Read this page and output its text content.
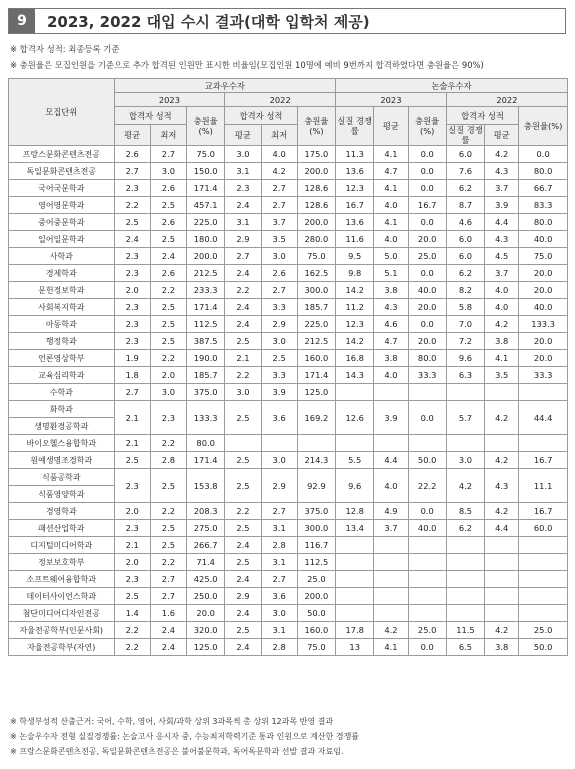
9	2023, 2022 대입 수시 결과(대학 입학처 제공)
※ 합격자 성적: 최종등록 기준
※ 충원율은 모집인원을 기준으로 추가 합격된 인원만 표시한 비율임(모집인원 10명에 예비 9번까지 합격하였다면 충원율은 90%)
모집단위	교과우수자						논술우수자					
	2023			2022			2023			2022		
	합격자 성적		충원율(%)	합격자 성적		충원율(%)	실질 경쟁률	평균	충원율(%)	합격자 성적		충원율(%)
	평균	최저		평균	최저					실질 경쟁률	평균	
프랑스문화콘텐츠전공	2.6	2.7	75.0	3.0	4.0	175.0	11.3	4.1	0.0	6.0	4.2	0.0
독일문화콘텐츠전공	2.7	3.0	150.0	3.1	4.2	200.0	13.6	4.7	0.0	7.6	4.3	80.0
국어국문학과	2.3	2.6	171.4	2.3	2.7	128.6	12.3	4.1	0.0	6.2	3.7	66.7
영어영문학과	2.2	2.5	457.1	2.4	2.7	128.6	16.7	4.0	16.7	8.7	3.9	83.3
중어중문학과	2.5	2.6	225.0	3.1	3.7	200.0	13.6	4.1	0.0	4.6	4.4	80.0
일어일문학과	2.4	2.5	180.0	2.9	3.5	280.0	11.6	4.0	20.0	6.0	4.3	40.0
사학과	2.3	2.4	200.0	2.7	3.0	75.0	9.5	5.0	25.0	6.0	4.5	75.0
경제학과	2.3	2.6	212.5	2.4	2.6	162.5	9.8	5.1	0.0	6.2	3.7	20.0
문헌정보학과	2.0	2.2	233.3	2.2	2.7	300.0	14.2	3.8	40.0	8.2	4.0	20.0
사회복지학과	2.3	2.5	171.4	2.4	3.3	185.7	11.2	4.3	20.0	5.8	4.0	40.0
아동학과	2.3	2.5	112.5	2.4	2.9	225.0	12.3	4.6	0.0	7.0	4.2	133.3
행정학과	2.3	2.5	387.5	2.5	3.0	212.5	14.2	4.7	20.0	7.2	3.8	20.0
언론영상학부	1.9	2.2	190.0	2.1	2.5	160.0	16.8	3.8	80.0	9.6	4.1	20.0
교육심리학과	1.8	2.0	185.7	2.2	3.3	171.4	14.3	4.0	33.3	6.3	3.5	33.3
수학과	2.7	3.0	375.0	3.0	3.9	125.0						
화학과	2.1	2.3	133.3	2.5	3.6	169.2	12.6	3.9	0.0	5.7	4.2	44.4
생명환경공학과												
바이오헬스융합학과	2.1	2.2	80.0									
원예생명조경학과	2.5	2.8	171.4	2.5	3.0	214.3	5.5	4.4	50.0	3.0	4.2	16.7
식품공학과	2.3	2.5	153.8	2.5	2.9	92.9	9.6	4.0	22.2	4.2	4.3	11.1
식품영양학과												
경영학과	2.0	2.2	208.3	2.2	2.7	375.0	12.8	4.9	0.0	8.5	4.2	16.7
패션산업학과	2.3	2.5	275.0	2.5	3.1	300.0	13.4	3.7	40.0	6.2	4.4	60.0
디지털미디어학과	2.1	2.5	266.7	2.4	2.8	116.7						
정보보호학부	2.0	2.2	71.4	2.5	3.1	112.5						
소프트웨어융합학과	2.3	2.7	425.0	2.4	2.7	25.0						
데이터사이언스학과	2.5	2.7	250.0	2.9	3.6	200.0						
첨단미디어디자인전공	1.4	1.6	20.0	2.4	3.0	50.0						
자율전공학부(인문사회)	2.2	2.4	320.0	2.5	3.1	160.0	17.8	4.2	25.0	11.5	4.2	25.0
자율전공학부(자연)	2.2	2.4	125.0	2.4	2.8	75.0	13	4.1	0.0	6.5	3.8	50.0
※ 학생부성적 산출근거: 국어, 수학, 영어, 사회/과학 상위 3과목씩 총 상위 12과목 반영 결과
※ 논술우수자 전형 실질경쟁률: 논술고사 응시자 중, 수능최저학력기준 통과 인원으로 계산한 경쟁률
※ 프랑스문화콘텐츠전공, 독일문화콘텐츠전공은 불어불문학과, 독어독문학과 선발 결과 자료임.
